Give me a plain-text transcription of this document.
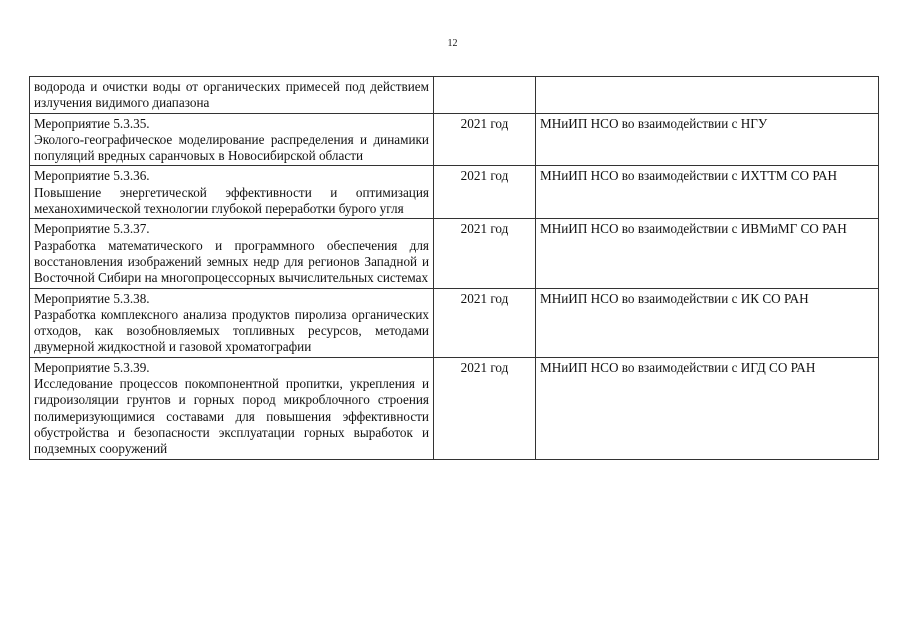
12
водорода и очистки воды от органических примесей под действием излучения видимого диапазона		

Мероприятие 5.3.35.
Эколого-географическое моделирование распределения и динамики популяций вредных саранчовых в Новосибирской области	2021 год	МНиИП НСО во взаимодействии с НГУ

Мероприятие 5.3.36.
Повышение энергетической эффективности и оптимизация механохимической технологии глубокой переработки бурого угля	2021 год	МНиИП НСО во взаимодействии с ИХТТМ СО РАН

Мероприятие 5.3.37.
Разработка математического и программного обеспечения для восстановления изображений земных недр для регионов Западной и Восточной Сибири на многопроцессорных вычислительных системах	2021 год	МНиИП НСО во взаимодействии с ИВМиМГ СО РАН

Мероприятие 5.3.38.
Разработка комплексного анализа продуктов пиролиза органических отходов, как возобновляемых топливных ресурсов, методами двумерной жидкостной и газовой хроматографии	2021 год	МНиИП НСО во взаимодействии с ИК СО РАН

Мероприятие 5.3.39.
Исследование процессов покомпонентной пропитки, укрепления и гидроизоляции грунтов и горных пород микроблочного строения полимеризующимися составами для повышения эффективности обустройства и безопасности эксплуатации горных выработок и подземных сооружений	2021 год	МНиИП НСО во взаимодействии с ИГД СО РАН
